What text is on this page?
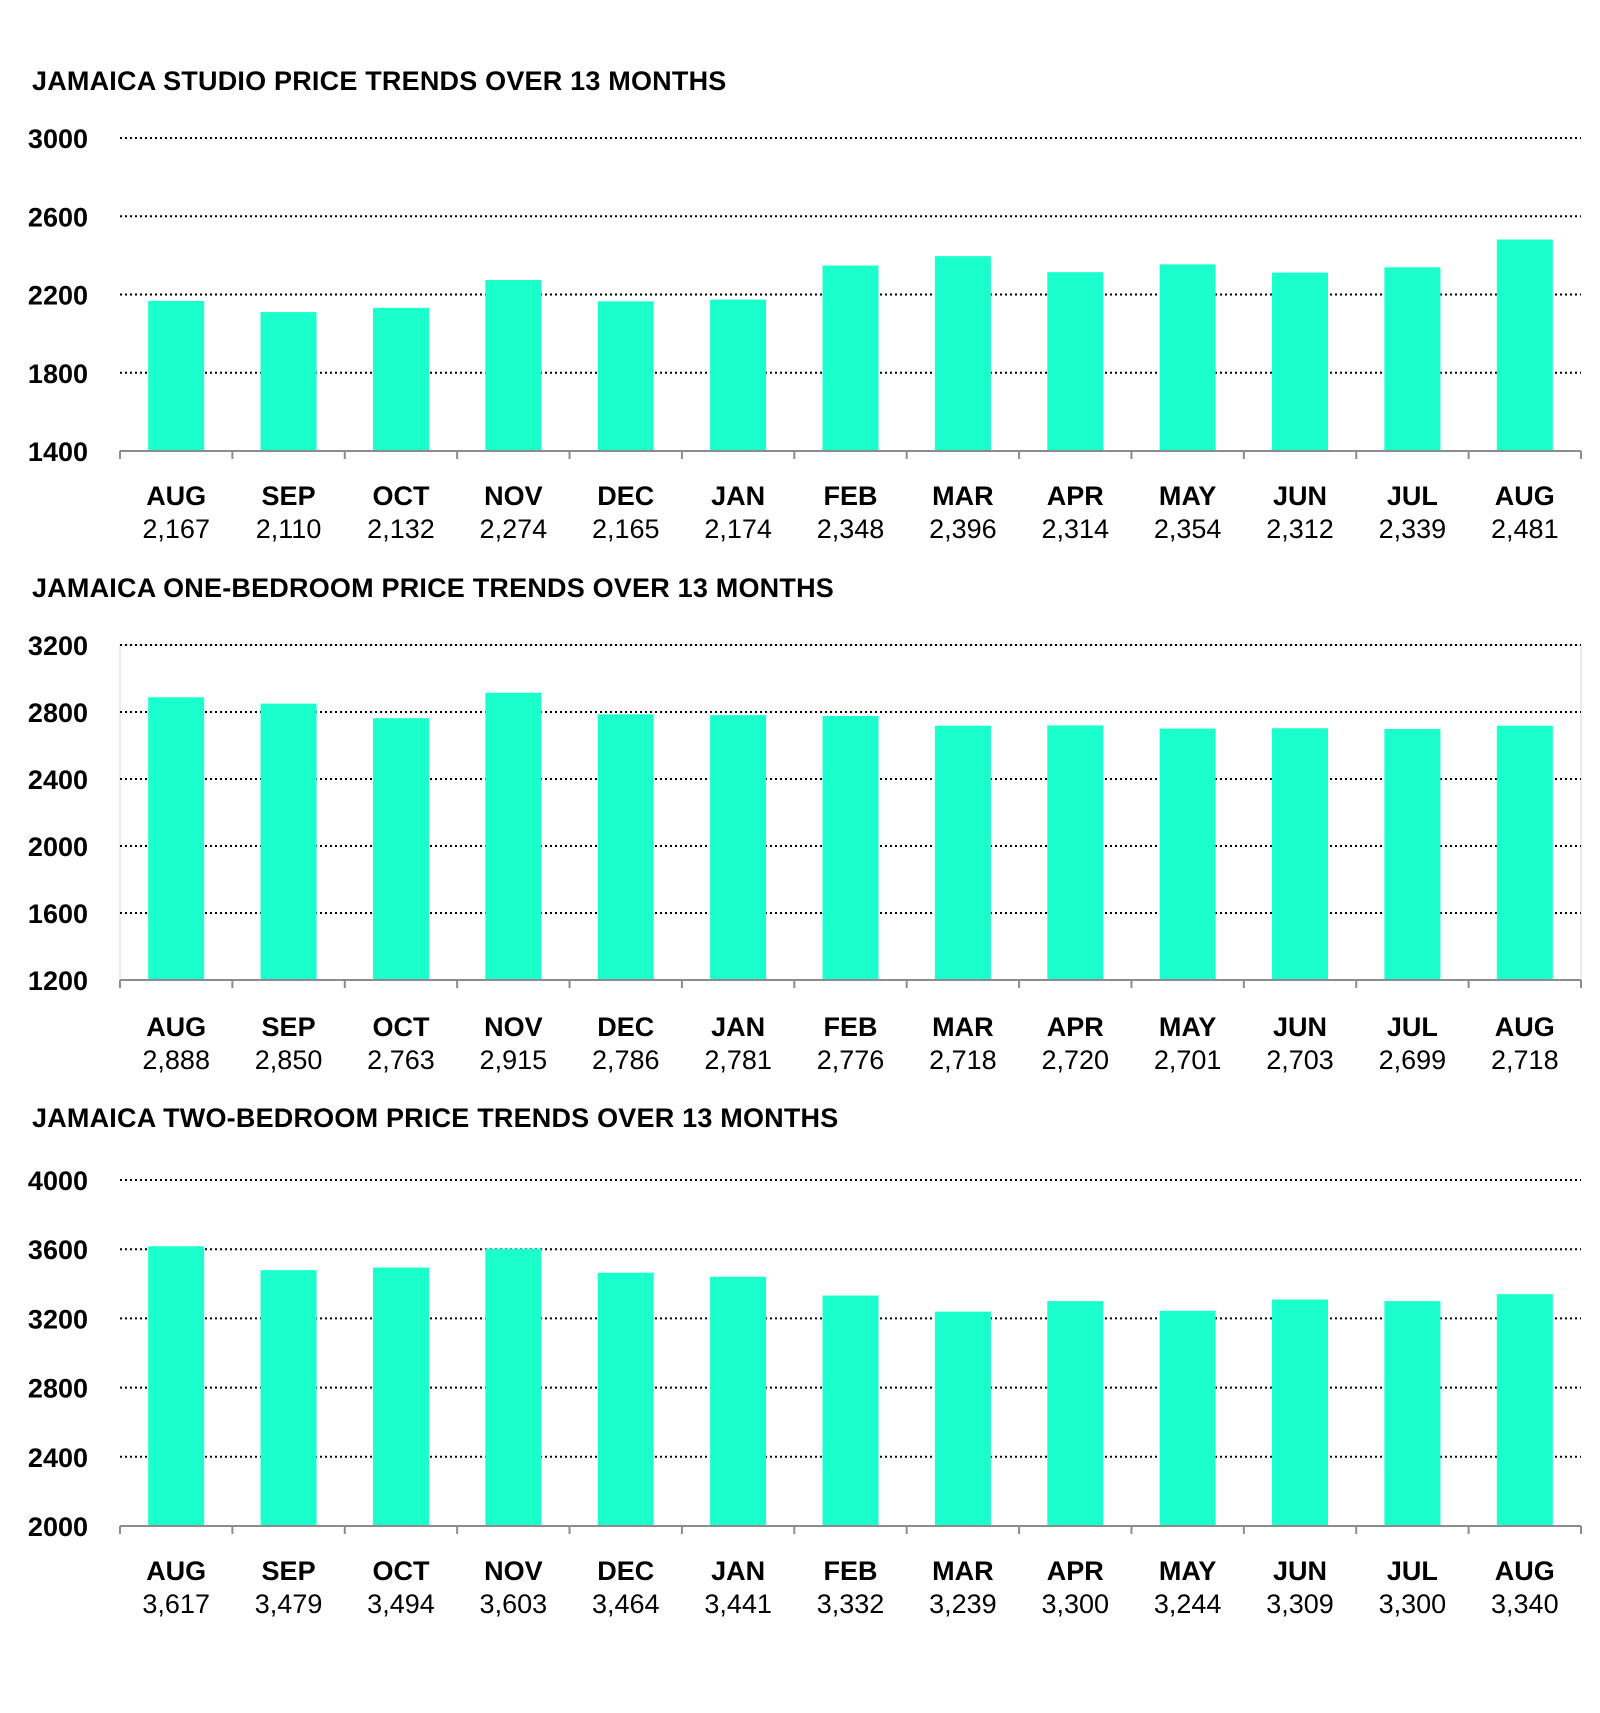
JAMAICA STUDIO PRICE TRENDS OVER 13 MONTHS
1400
1800
2200
2600
3000
AUG
2,167
SEP
2,110
OCT
2,132
NOV
2,274
DEC
2,165
JAN
2,174
FEB
2,348
MAR
2,396
APR
2,314
MAY
2,354
JUN
2,312
JUL
2,339
AUG
2,481
JAMAICA ONE-BEDROOM PRICE TRENDS OVER 13 MONTHS
1200
1600
2000
2400
2800
3200
AUG
2,888
SEP
2,850
OCT
2,763
NOV
2,915
DEC
2,786
JAN
2,781
FEB
2,776
MAR
2,718
APR
2,720
MAY
2,701
JUN
2,703
JUL
2,699
AUG
2,718
JAMAICA TWO-BEDROOM PRICE TRENDS OVER 13 MONTHS
2000
2400
2800
3200
3600
4000
AUG
3,617
SEP
3,479
OCT
3,494
NOV
3,603
DEC
3,464
JAN
3,441
FEB
3,332
MAR
3,239
APR
3,300
MAY
3,244
JUN
3,309
JUL
3,300
AUG
3,340
